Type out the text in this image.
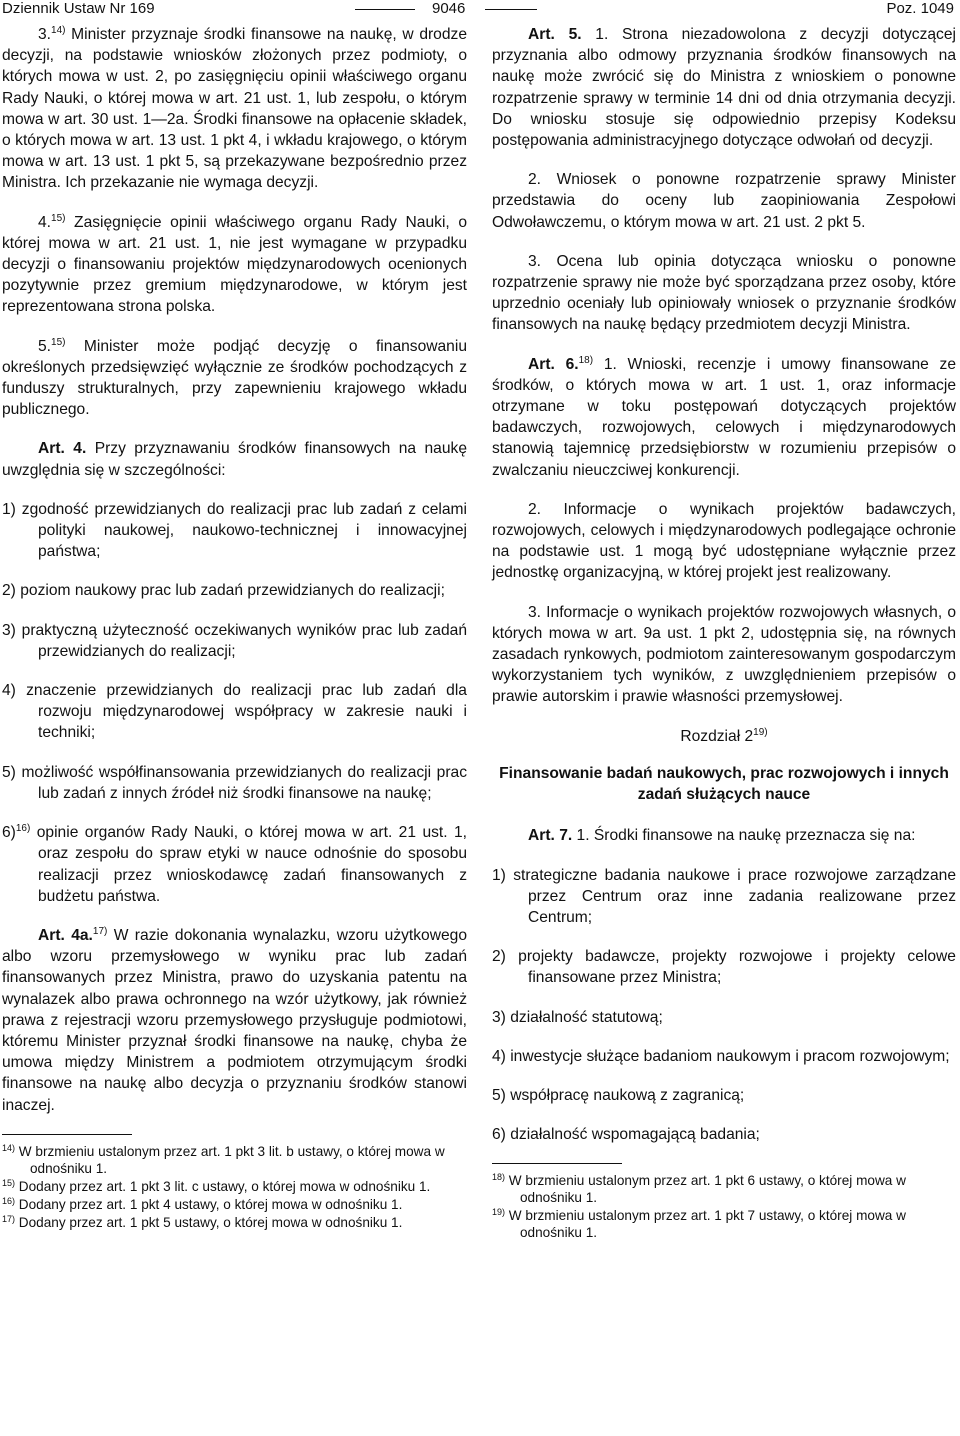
Dziennik Ustaw Nr 169	9046	Poz. 1049

3.$^{14)}$ Minister przyznaje środki finansowe na naukę, w drodze decyzji, na podstawie wniosków złożonych przez podmioty, o których mowa w ust. 2, po zasięgnięciu opinii właściwego organu Rady Nauki, o której mowa w art. 21 ust. 1, lub zespołu, o którym mowa w art. 30 ust. 1—2a. Środki finansowe na opłacenie składek, o których mowa w art. 13 ust. 1 pkt 4, i wkładu krajowego, o którym mowa w art. 13 ust. 1 pkt 5, są przekazywane bezpośrednio przez Ministra. Ich przekazanie nie wymaga decyzji.

4.$^{15)}$ Zasięgnięcie opinii właściwego organu Rady Nauki, o której mowa w art. 21 ust. 1, nie jest wymagane w przypadku decyzji o finansowaniu projektów międzynarodowych ocenionych pozytywnie przez gremium międzynarodowe, w którym jest reprezentowana strona polska.

5.$^{15)}$ Minister może podjąć decyzję o finansowaniu określonych przedsięwzięć wyłącznie ze środków pochodzących z funduszy strukturalnych, przy zapewnieniu krajowego wkładu publicznego.

Art. 4. Przy przyznawaniu środków finansowych na naukę uwzględnia się w szczególności:

1) zgodność przewidzianych do realizacji prac lub zadań z celami polityki naukowej, naukowo-technicznej i innowacyjnej państwa;
2) poziom naukowy prac lub zadań przewidzianych do realizacji;
3) praktyczną użyteczność oczekiwanych wyników prac lub zadań przewidzianych do realizacji;
4) znaczenie przewidzianych do realizacji prac lub zadań dla rozwoju międzynarodowej współpracy w zakresie nauki i techniki;
5) możliwość współfinansowania przewidzianych do realizacji prac lub zadań z innych źródeł niż środki finansowe na naukę;
6)$^{16)}$ opinie organów Rady Nauki, o której mowa w art. 21 ust. 1, oraz zespołu do spraw etyki w nauce odnośnie do sposobu realizacji przez wnioskodawcę zadań finansowanych z budżetu państwa.

Art. 4a.$^{17)}$ W razie dokonania wynalazku, wzoru użytkowego albo wzoru przemysłowego w wyniku prac lub zadań finansowanych przez Ministra, prawo do uzyskania patentu na wynalazek albo prawa ochronnego na wzór użytkowy, jak również prawa z rejestracji wzoru przemysłowego przysługuje podmiotowi, któremu Minister przyznał środki finansowe na naukę, chyba że umowa między Ministrem a podmiotem otrzymującym środki finansowe na naukę albo decyzja o przyznaniu środków stanowi inaczej.

$^{14)}$ W brzmieniu ustalonym przez art. 1 pkt 3 lit. b ustawy, o której mowa w odnośniku 1.
$^{15)}$ Dodany przez art. 1 pkt 3 lit. c ustawy, o której mowa w odnośniku 1.
$^{16)}$ Dodany przez art. 1 pkt 4 ustawy, o której mowa w odnośniku 1.
$^{17)}$ Dodany przez art. 1 pkt 5 ustawy, o której mowa w odnośniku 1.

Art. 5. 1. Strona niezadowolona z decyzji dotyczącej przyznania albo odmowy przyznania środków finansowych na naukę może zwrócić się do Ministra z wnioskiem o ponowne rozpatrzenie sprawy w terminie 14 dni od dnia otrzymania decyzji. Do wniosku stosuje się odpowiednio przepisy Kodeksu postępowania administracyjnego dotyczące odwołań od decyzji.

2. Wniosek o ponowne rozpatrzenie sprawy Minister przedstawia do oceny lub zaopiniowania Zespołowi Odwoławczemu, o którym mowa w art. 21 ust. 2 pkt 5.

3. Ocena lub opinia dotycząca wniosku o ponowne rozpatrzenie sprawy nie może być sporządzana przez osoby, które uprzednio oceniały lub opiniowały wniosek o przyznanie środków finansowych na naukę będący przedmiotem decyzji Ministra.

Art. 6.$^{18)}$ 1. Wnioski, recenzje i umowy finansowane ze środków, o których mowa w art. 1 ust. 1, oraz informacje otrzymane w toku postępowań dotyczących projektów badawczych, rozwojowych, celowych i międzynarodowych stanowią tajemnicę przedsiębiorstw w rozumieniu przepisów o zwalczaniu nieuczciwej konkurencji.

2. Informacje o wynikach projektów badawczych, rozwojowych, celowych i międzynarodowych podlegające ochronie na podstawie ust. 1 mogą być udostępniane wyłącznie przez jednostkę organizacyjną, w której projekt jest realizowany.

3. Informacje o wynikach projektów rozwojowych własnych, o których mowa w art. 9a ust. 1 pkt 2, udostępnia się, na równych zasadach rynkowych, podmiotom zainteresowanym gospodarczym wykorzystaniem tych wyników, z uwzględnieniem przepisów o prawie autorskim i prawie własności przemysłowej.

Rozdział 2$^{19)}$
Finansowanie badań naukowych, prac rozwojowych i innych zadań służących nauce

Art. 7. 1. Środki finansowe na naukę przeznacza się na:

1) strategiczne badania naukowe i prace rozwojowe zarządzane przez Centrum oraz inne zadania realizowane przez Centrum;
2) projekty badawcze, projekty rozwojowe i projekty celowe finansowane przez Ministra;
3) działalność statutową;
4) inwestycje służące badaniom naukowym i pracom rozwojowym;
5) współpracę naukową z zagranicą;
6) działalność wspomagającą badania;
$^{18)}$ W brzmieniu ustalonym przez art. 1 pkt 6 ustawy, o której mowa w odnośniku 1.
$^{19)}$ W brzmieniu ustalonym przez art. 1 pkt 7 ustawy, o której mowa w odnośniku 1.
